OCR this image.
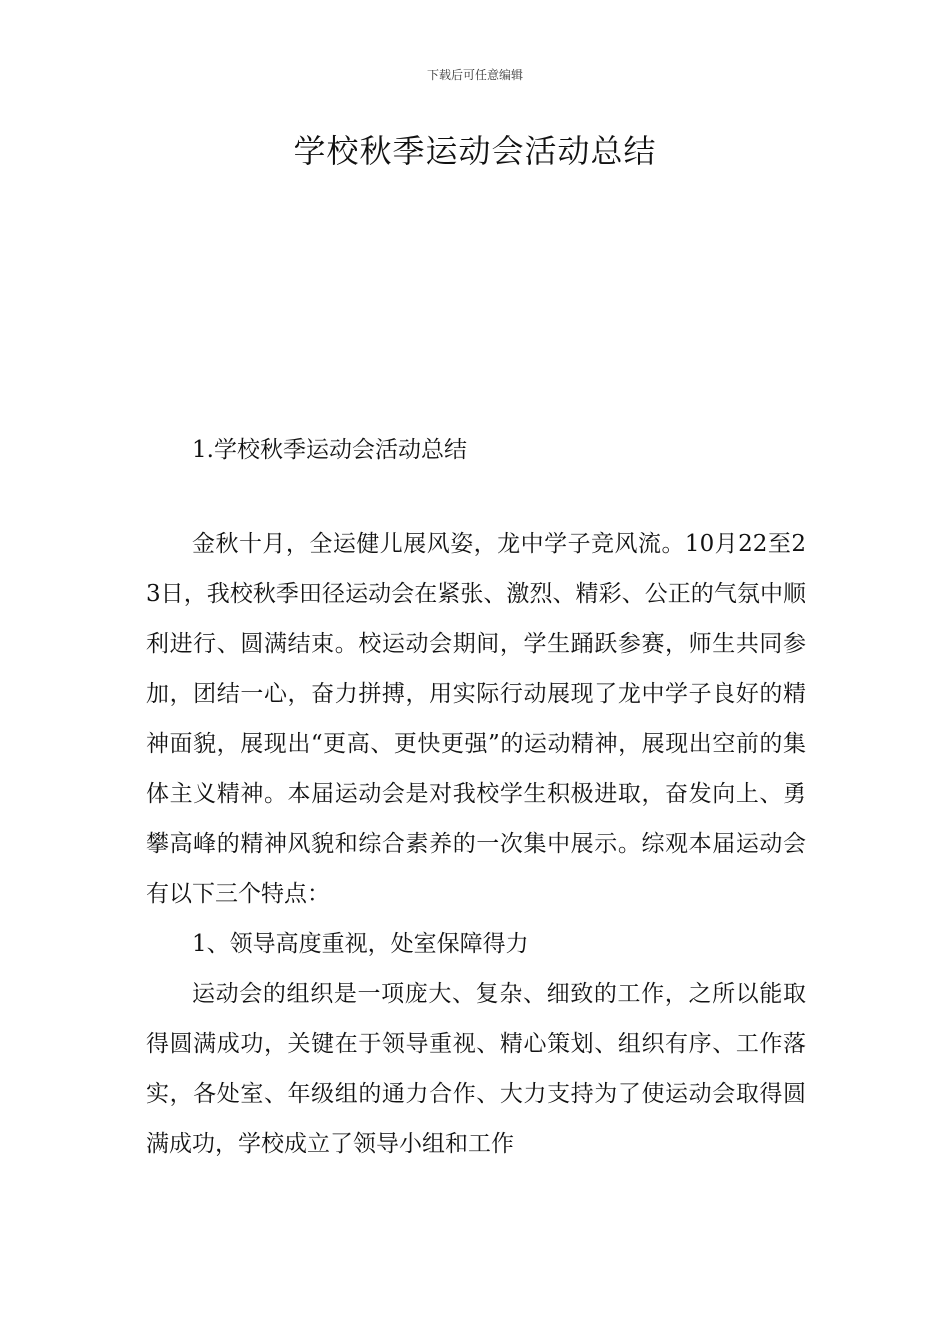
下载后可任意编辑
学校秋季运动会活动总结
1.学校秋季运动会活动总结

金秋十月，全运健儿展风姿，龙中学子竞风流。10月22至23日，我校秋季田径运动会在紧张、激烈、精彩、公正的气氛中顺利进行、圆满结束。校运动会期间，学生踊跃参赛，师生共同参加，团结一心，奋力拼搏，用实际行动展现了龙中学子良好的精神面貌，展现出“更高、更快更强”的运动精神，展现出空前的集体主义精神。本届运动会是对我校学生积极进取，奋发向上、勇攀高峰的精神风貌和综合素养的一次集中展示。综观本届运动会有以下三个特点：

1、领导高度重视，处室保障得力

运动会的组织是一项庞大、复杂、细致的工作，之所以能取得圆满成功，关键在于领导重视、精心策划、组织有序、工作落实，各处室、年级组的通力合作、大力支持为了使运动会取得圆满成功，学校成立了领导小组和工作
